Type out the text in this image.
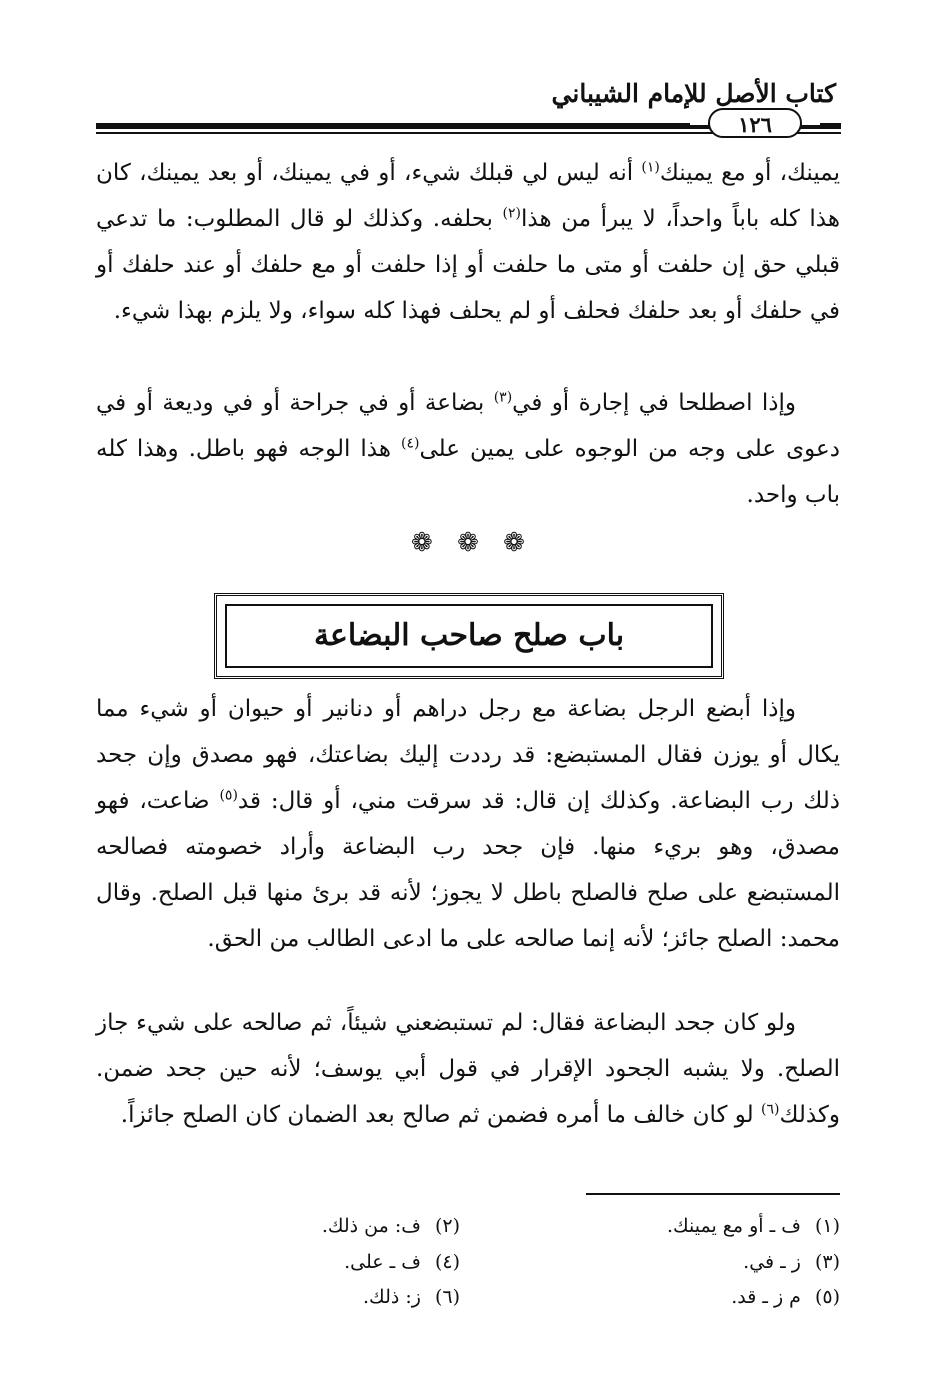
كتاب الأصل للإمام الشيباني
١٢٦

يمينك، أو مع يمينك$^{(١)}$ أنه ليس لي قبلك شيء، أو في يمينك، أو بعد يمينك، كان هذا كله باباً واحداً، لا يبرأ من هذا$^{(٢)}$ بحلفه. وكذلك لو قال المطلوب: ما تدعي قبلي حق إن حلفت أو متى ما حلفت أو إذا حلفت أو مع حلفك أو عند حلفك أو في حلفك أو بعد حلفك فحلف أو لم يحلف فهذا كله سواء، ولا يلزم بهذا شيء.

وإذا اصطلحا في إجارة أو في$^{(٣)}$ بضاعة أو في جراحة أو في وديعة أو في دعوى على وجه من الوجوه على يمين على$^{(٤)}$ هذا الوجه فهو باطل. وهذا كله باب واحد.

❁ ❁ ❁
باب صلح صاحب البضاعة

وإذا أبضع الرجل بضاعة مع رجل دراهم أو دنانير أو حيوان أو شيء مما يكال أو يوزن فقال المستبضع: قد رددت إليك بضاعتك، فهو مصدق وإن جحد ذلك رب البضاعة. وكذلك إن قال: قد سرقت مني، أو قال: قد$^{(٥)}$ ضاعت، فهو مصدق، وهو بريء منها. فإن جحد رب البضاعة وأراد خصومته فصالحه المستبضع على صلح فالصلح باطل لا يجوز؛ لأنه قد برئ منها قبل الصلح. وقال محمد: الصلح جائز؛ لأنه إنما صالحه على ما ادعى الطالب من الحق.

ولو كان جحد البضاعة فقال: لم تستبضعني شيئاً، ثم صالحه على شيء جاز الصلح. ولا يشبه الجحود الإقرار في قول أبي يوسف؛ لأنه حين جحد ضمن. وكذلك$^{(٦)}$ لو كان خالف ما أمره فضمن ثم صالح بعد الضمان كان الصلح جائزاً.

(١)ف ـ أو مع يمينك.
(٢)ف: من ذلك.
(٣)ز ـ في.
(٤)ف ـ على.
(٥)م ز ـ قد.
(٦)ز: ذلك.
